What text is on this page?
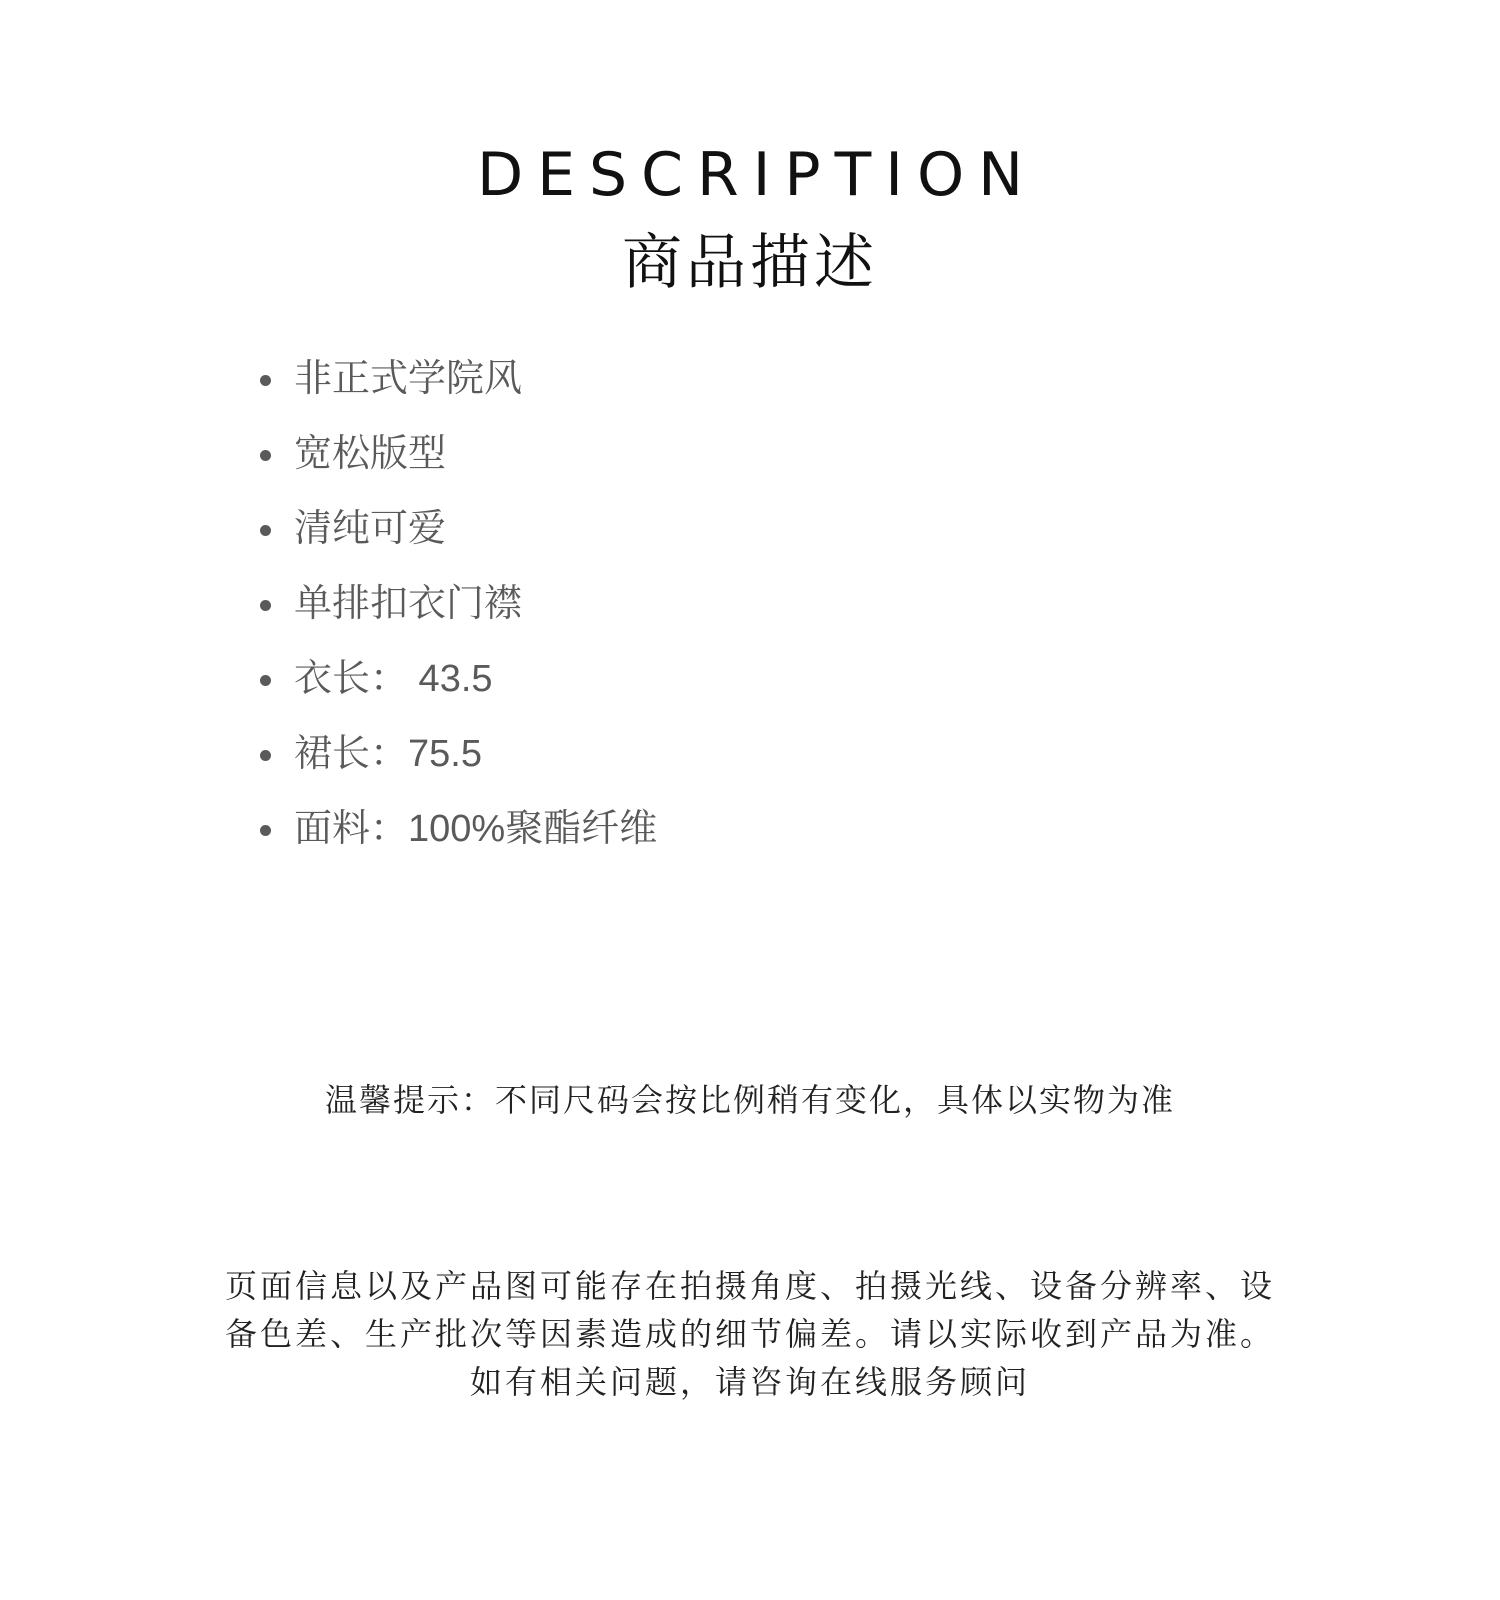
DESCRIPTION
商品描述
非正式学院风
宽松版型
清纯可爱
单排扣衣门襟
衣长： 43.5
裙长：75.5
面料：100%聚酯纤维
温馨提示：不同尺码会按比例稍有变化，具体以实物为准
页面信息以及产品图可能存在拍摄角度、拍摄光线、设备分辨率、设
备色差、生产批次等因素造成的细节偏差。请以实际收到产品为准。
如有相关问题，请咨询在线服务顾问
